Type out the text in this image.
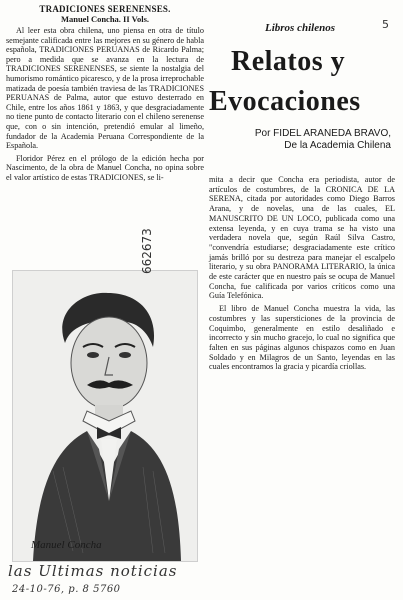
TRADICIONES SERENENSES.
Manuel Concha. II Vols.

Al leer esta obra chilena, uno piensa en otra de título semejante calificada entre las mejores en su género de habla española, TRADICIONES PERUANAS de Ricardo Palma; pero a medida que se avanza en la lectura de TRADICIONES SERENENSES, se siente la nostalgia del humorismo romántico picaresco, y de la prosa irreprochable matizada de poesía también traviesa de las TRADICIONES PERUANAS de Palma, autor que estuvo desterrado en Chile, entre los años 1861 y 1863, y que desgraciadamente no tiene punto de contacto literario con el chileno serenense que, con o sin intención, pretendió emular al limeño, fundador de la Academia Peruana Correspondiente de la Española.

Floridor Pérez en el prólogo de la edición hecha por Nascimento, de la obra de Manuel Concha, no opina sobre el valor artístico de estas TRADICIONES, se li-

Libros chilenos
Relatos y
Evocaciones
Por FIDEL ARANEDA BRAVO,
De la Academia Chilena

mita a decir que Concha era periodista, autor de artículos de costumbres, de la CRONICA DE LA SERENA, citada por autoridades como Diego Barros Arana, y de novelas, una de las cuales, EL MANUSCRITO DE UN LOCO, publicada como una extensa leyenda, y en cuya trama se ha visto una verdadera novela que, según Raúl Silva Castro, "convendría estudiarse; desgraciadamente este crítico jamás brilló por su destreza para manejar el escalpelo literario, y su obra PANORAMA LITERARIO, la única de este carácter que en nuestro país se ocupa de Manuel Concha, fue calificada por varios críticos como una Guía Telefónica.

El libro de Manuel Concha muestra la vida, las costumbres y las supersticiones de la provincia de Coquimbo, generalmente en estilo desaliñado e incorrecto y sin mucho gracejo, lo cual no significa que falten en sus páginas algunos chispazos como en Juan Soldado y en Milagros de un Santo, leyendas en las cuales encontramos la gracia y picardía criollas.

Manuel Concha
662673
5
las Ultimas noticias
24-10-76, p. 8 5760
